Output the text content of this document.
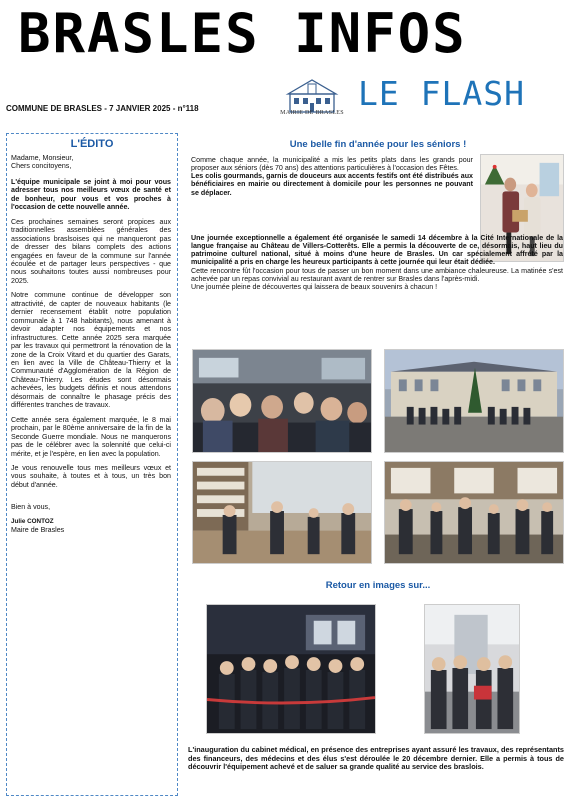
BRASLES INFOS
MAIRIE DE BRASLES LE FLASH
COMMUNE DE BRASLES - 7 JANVIER 2025 - n°118
L'ÉDITO

Madame, Monsieur,
Chers concitoyens,

L'équipe municipale se joint à moi pour vous adresser tous nos meilleurs vœux de santé et de bonheur, pour vous et vos proches à l'occasion de cette nouvelle année.

Ces prochaines semaines seront propices aux traditionnelles assemblées générales des associations braslsoises qui ne manqueront pas de dresser des bilans complets des actions engagées en faveur de la commune sur l'année écoulée et de partager leurs perspectives - que nous souhaitons toutes aussi nombreuses pour 2025.

Notre commune continue de développer son attractivité, de capter de nouveaux habitants (le dernier recensement établit notre population communale à 1 748 habitants), nous amenant à devoir adapter nos équipements et nos infrastructures. Cette année 2025 sera marquée par les travaux qui permettront la rénovation de la zone de la Croix Vitard et du quartier des Garats, en lien avec la Ville de Château-Thierry et la Communauté d'Agglomération de la Région de Château-Thierry. Les études sont désormais achevées, les budgets définis et nous attendons désormais de connaître le phasage précis des différentes tranches de travaux.

Cette année sera également marquée, le 8 mai prochain, par le 80ème anniversaire de la fin de la Seconde Guerre mondiale. Nous ne manquerons pas de le célébrer avec la solennité que celui-ci mérite, et je l'espère, en lien avec la population.

Je vous renouvelle tous mes meilleurs vœux et vous souhaite, à toutes et à tous, un très bon début d'année.

Bien à vous,

Julie CONTOZ
Maire de Brasles
Une belle fin d'année pour les séniors !

Comme chaque année, la municipalité a mis les petits plats dans les grands pour proposer aux séniors (dès 70 ans) des attentions particulières à l'occasion des Fêtes.

Les colis gourmands, garnis de douceurs aux accents festifs ont été distribués aux bénéficiaires en mairie ou directement à domicile pour les personnes ne pouvant se déplacer.

Une journée exceptionnelle a également été organisée le samedi 14 décembre à la Cité Internationale de la langue française au Château de Villers-Cotterêts. Elle a permis la découverte de ce, désormais, haut lieu du patrimoine culturel national, situé à moins d'une heure de Brasles. Un car spécialement affrété par la municipalité a pris en charge les heureux participants à cette journée qui leur était dédiée.

Cette rencontre fût l'occasion pour tous de passer un bon moment dans une ambiance chaleureuse. La matinée s'est achevée par un repas convivial au restaurant avant de rentrer sur Brasles dans l'après-midi.

Une journée pleine de découvertes qui laissera de beaux souvenirs à chacun !

Retour en images sur...
L'inauguration du cabinet médical, en présence des entreprises ayant assuré les travaux, des représentants des financeurs, des médecins et des élus s'est déroulée le 20 décembre dernier. Elle a permis à tous de découvrir l'équipement achevé et de saluer sa grande qualité au service des braslois.
